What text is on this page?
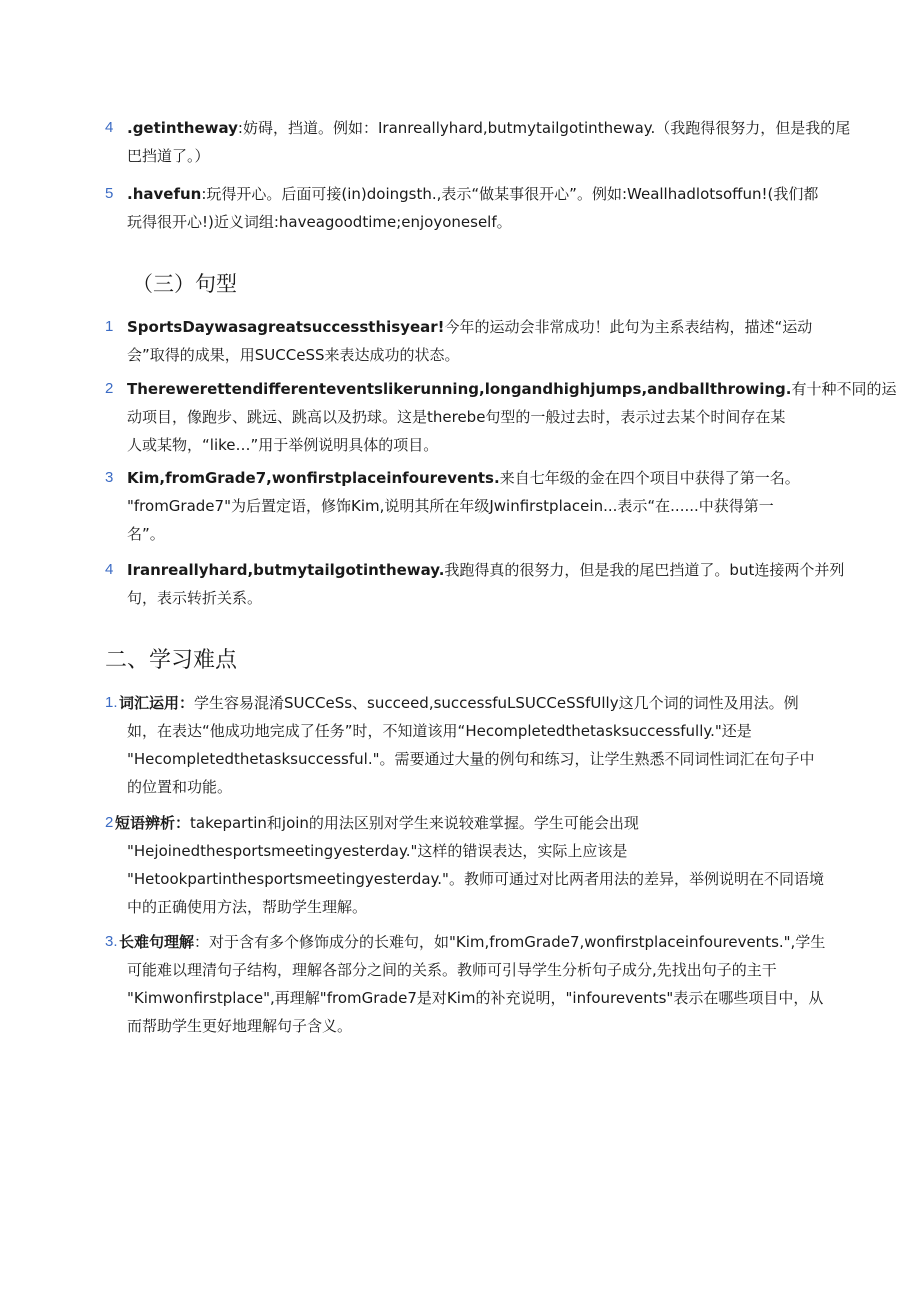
4 .getintheway:妨碍，挡道。例如：Iranreallyhard,butmytailgotintheway.（我跑得很努力，但是我的尾
巴挡道了。）
5 .havefun:玩得开心。后面可接(in)doingsth.,表示“做某事很开心”。例如:Weallhadlotsoffun!(我们都
玩得很开心!)近义词组:haveagoodtime;enjoyoneself。
（三）句型
1 SportsDaywasagreatsuccessthisyear!今年的运动会非常成功！此句为主系表结构，描述“运动
会”取得的成果，用SUCCeSS来表达成功的状态。
2 Therewerettendifferenteventslikerunning,longandhighjumps,andballthrowing.有十种不同的运
动项目，像跑步、跳远、跳高以及扔球。这是therebe句型的一般过去时，表示过去某个时间存在某
人或某物，“like…”用于举例说明具体的项目。
3 Kim,fromGrade7,wonfirstplaceinfourevents.来自七年级的金在四个项目中获得了第一名。
"fromGrade7"为后置定语，修饰Kim,说明其所在年级Jwinfirstplacein...表示“在......中获得第一
名”。
4 Iranreallyhard,butmytailgotintheway.我跑得真的很努力，但是我的尾巴挡道了。but连接两个并列
句，表示转折关系。
二、学习难点
1. 词汇运用：学生容易混淆SUCCeSs、succeed,successfuLSUCCeSSfUlly这几个词的词性及用法。例
如，在表达“他成功地完成了任务”时，不知道该用“Hecompletedthetasksuccessfully."还是
"Hecompletedthetasksuccessful."。需要通过大量的例句和练习，让学生熟悉不同词性词汇在句子中
的位置和功能。
2 短语辨析：takepartin和join的用法区别对学生来说较难掌握。学生可能会出现
"Hejoinedthesportsmeetingyesterday."这样的错误表达，实际上应该是
"Hetookpartinthesportsmeetingyesterday."。教师可通过对比两者用法的差异，举例说明在不同语境
中的正确使用方法，帮助学生理解。
3. 长难句理解：对于含有多个修饰成分的长难句，如"Kim,fromGrade7,wonfirstplaceinfourevents.",学生
可能难以理清句子结构，理解各部分之间的关系。教师可引导学生分析句子成分,先找出句子的主干
"Kimwonfirstplace",再理解"fromGrade7是对Kim的补充说明，"infourevents"表示在哪些项目中，从
而帮助学生更好地理解句子含义。
